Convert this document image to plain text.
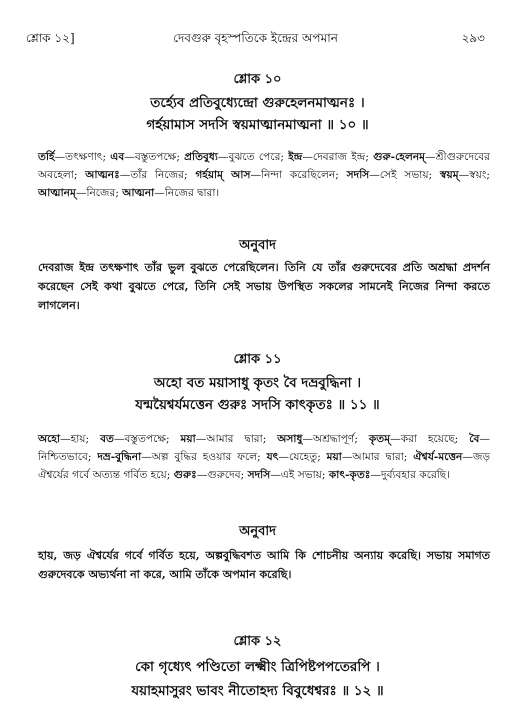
শ্লোক ১২]	দেবগুরু বৃহস্পতিকে ইন্দ্রের অপমান	২৯৩
শ্লোক ১০
তর্হ্যেব প্রতিবুধ্যেন্দ্রো গুরুহেলনমাত্মনঃ ।
গর্হয়ামাস সদসি স্বয়মাত্মানমাত্মনা ॥ ১০ ॥
তর্হি—তৎক্ষণাৎ; এব—বস্তুতপক্ষে; প্রতিবুধ্য—বুঝতে পেরে; ইন্দ্র—দেবরাজ ইন্দ্র; গুরু-হেলনম্—শ্রীগুরুদেবের অবহেলা; আত্মনঃ—তাঁর নিজের; গর্হয়াম্ আস—নিন্দা করেছিলেন; সদসি—সেই সভায়; স্বয়ম্—স্বয়ং; আত্মানম্—নিজের; আত্মনা—নিজের দ্বারা।
অনুবাদ
দেবরাজ ইন্দ্র তৎক্ষণাৎ তাঁর ভুল বুঝতে পেরেছিলেন। তিনি যে তাঁর গুরুদেবের প্রতি অশ্রদ্ধা প্রদর্শন করেছেন সেই কথা বুঝতে পেরে, তিনি সেই সভায় উপস্থিত সকলের সামনেই নিজের নিন্দা করতে লাগলেন।
শ্লোক ১১
অহো বত ময়াসাধু কৃতং বৈ দভ্রবুদ্ধিনা ।
যন্ময়ৈশ্বর্যমত্তেন গুরুঃ সদসি কাৎকৃতঃ ॥ ১১ ॥
অহো—হায়; বত—বস্তুতপক্ষে; ময়া—আমার দ্বারা; অসাধু—অশ্রদ্ধাপূর্ণ; কৃতম্—করা হয়েছে; বৈ—নিশ্চিতভাবে; দভ্র-বুদ্ধিনা—অল্প বুদ্ধির হওয়ার ফলে; যৎ—যেহেতু; ময়া—আমার দ্বারা; ঐশ্বর্য-মত্তেন—জড় ঐশ্বর্যের গর্বে অত্যন্ত গর্বিত হয়ে; গুরুঃ—গুরুদেব; সদসি—এই সভায়; কাৎ-কৃতঃ—দুর্ব্যবহার করেছি।
অনুবাদ
হায়, জড় ঐশ্বর্যের গর্বে গর্বিত হয়ে, অল্পবুদ্ধিবশত আমি কি শোচনীয় অন্যায় করেছি। সভায় সমাগত গুরুদেবকে অভ্যর্থনা না করে, আমি তাঁকে অপমান করেছি।
শ্লোক ১২
কো গৃধ্যেৎ পণ্ডিতো লক্ষ্মীং ত্রিপিষ্টপপতেরপি ।
যয়াহমাসুরং ভাবং নীতোহদ্য বিবুধেশ্বরঃ ॥ ১২ ॥
